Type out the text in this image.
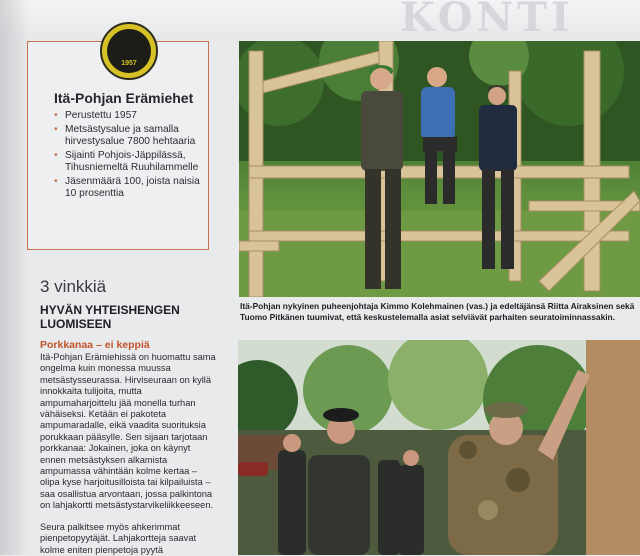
KONTI
1957
Itä-Pohjan Erämiehet
• Perustettu 1957
• Metsästysalue ja samalla hirvestysalue 7800 hehtaaria
• Sijainti Pohjois-Jäppilässä, Tihusniemeltä Ruuhilammelle
• Jäsenmäärä 100, joista naisia 10 prosenttia
3 vinkkiä
HYVÄN YHTEISHENGEN LUOMISEEN
Porkkanaa – ei keppiä

Itä-Pohjan Erämiehissä on huomattu sama ongelma kuin monessa muussa metsästysseurassa. Hirviseuraan on kyllä innokkaita tulijoita, mutta ampumaharjoittelu jää monella turhan vähäiseksi. Ketään ei pakoteta ampumaradalle, eikä vaadita suorituksia porukkaan pääsylle. Sen sijaan tarjotaan porkkanaa: Jokainen, joka on käynyt ennen metsästyksen alkamista ampumassa vähintään kolme kertaa – olipa kyse harjoitusilloista tai kilpailuista – saa osallistua arvontaan, jossa palkintona on lahjakortti metsästystarvikeliikkeeseen.

Seura palkitsee myös ahkerimmat pienpetopyytäjät. Lahjakortteja saavat kolme eniten pienpetoja pyytä

Itä-Pohjan nykyinen puheenjohtaja Kimmo Kolehmainen (vas.) ja edeltäjänsä Riitta Airaksinen sekä Tuomo Pitkänen tuumivat, että keskustelemalla asiat selviävät parhaiten seuratoiminnassakin.
